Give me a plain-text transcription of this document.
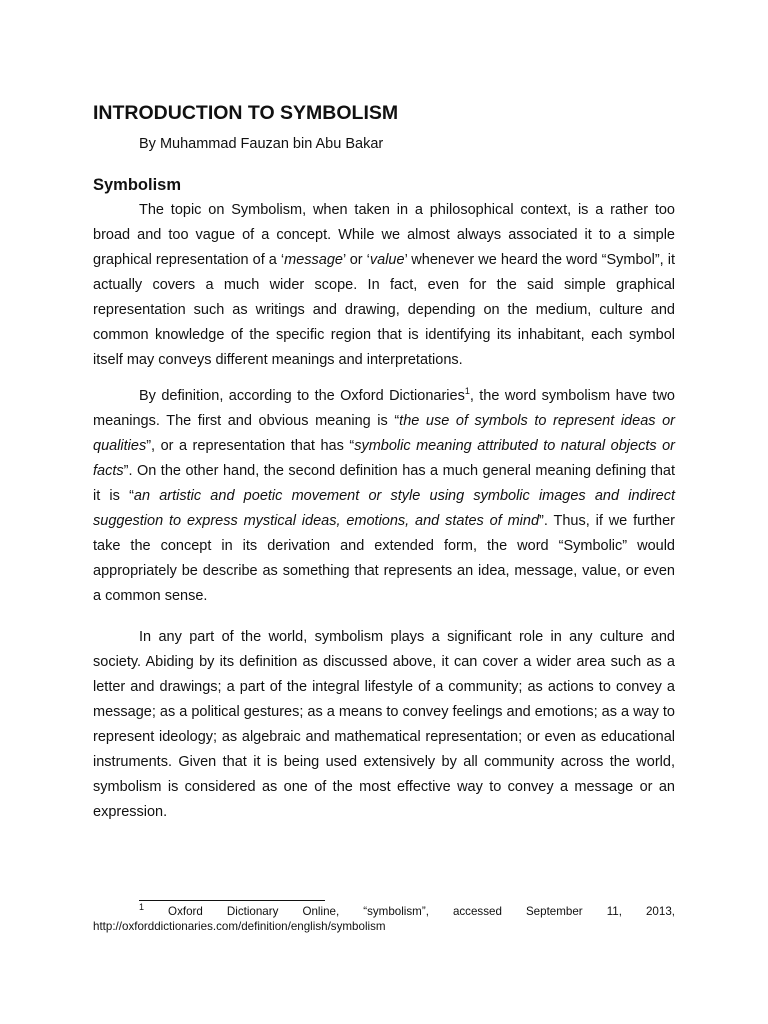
INTRODUCTION TO SYMBOLISM

By Muhammad Fauzan bin Abu Bakar

Symbolism

The topic on Symbolism, when taken in a philosophical context, is a rather too broad and too vague of a concept. While we almost always associated it to a simple graphical representation of a ‘message’ or ‘value’ whenever we heard the word “Symbol”, it actually covers a much wider scope. In fact, even for the said simple graphical representation such as writings and drawing, depending on the medium, culture and common knowledge of the specific region that is identifying its inhabitant, each symbol itself may conveys different meanings and interpretations.

By definition, according to the Oxford Dictionaries$^1$, the word symbolism have two meanings. The first and obvious meaning is “the use of symbols to represent ideas or qualities”, or a representation that has “symbolic meaning attributed to natural objects or facts”. On the other hand, the second definition has a much general meaning defining that it is “an artistic and poetic movement or style using symbolic images and indirect suggestion to express mystical ideas, emotions, and states of mind”. Thus, if we further take the concept in its derivation and extended form, the word “Symbolic” would appropriately be describe as something that represents an idea, message, value, or even a common sense.

In any part of the world, symbolism plays a significant role in any culture and society. Abiding by its definition as discussed above, it can cover a wider area such as a letter and drawings; a part of the integral lifestyle of a community; as actions to convey a message; as a political gestures; as a means to convey feelings and emotions; as a way to represent ideology; as algebraic and mathematical representation; or even as educational instruments. Given that it is being used extensively by all community across the world, symbolism is considered as one of the most effective way to convey a message or an expression.

$^1$ Oxford Dictionary Online, “symbolism”, accessed September 11, 2013, http://oxforddictionaries.com/definition/english/symbolism
